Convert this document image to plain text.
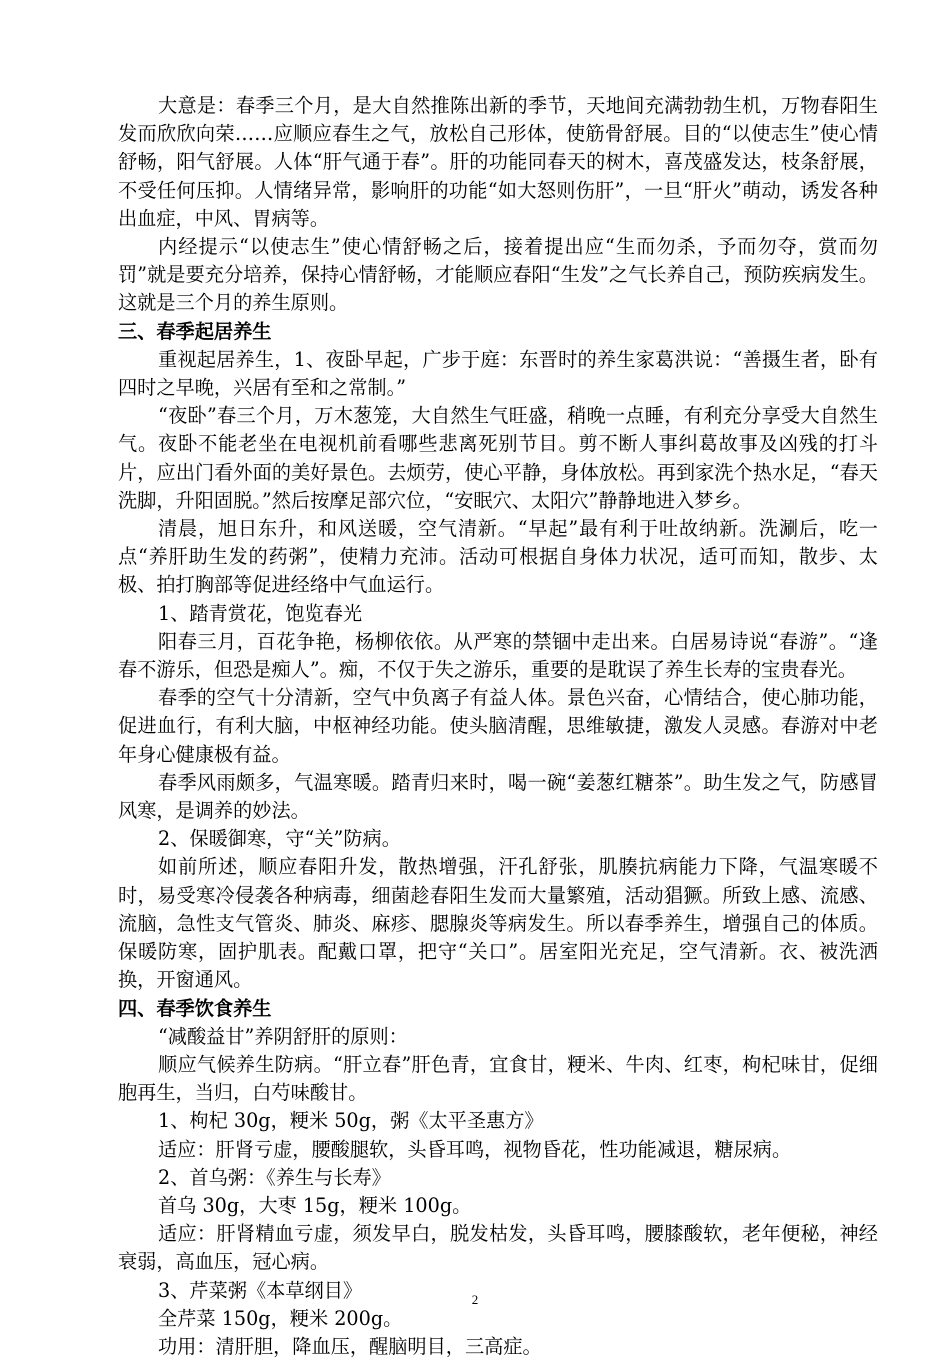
大意是：春季三个月，是大自然推陈出新的季节，天地间充满勃勃生机，万物春阳生发而欣欣向荣……应顺应春生之气，放松自己形体，使筋骨舒展。目的“以使志生”使心情舒畅，阳气舒展。人体“肝气通于春”。肝的功能同春天的树木，喜茂盛发达，枝条舒展，不受任何压抑。人情绪异常，影响肝的功能“如大怒则伤肝”，一旦“肝火”萌动，诱发各种出血症，中风、胃病等。

内经提示“以使志生”使心情舒畅之后，接着提出应“生而勿杀，予而勿夺，赏而勿罚”就是要充分培养，保持心情舒畅，才能顺应春阳“生发”之气长养自己，预防疾病发生。这就是三个月的养生原则。

三、春季起居养生

重视起居养生，1、夜卧早起，广步于庭：东晋时的养生家葛洪说：“善摄生者，卧有四时之早晚，兴居有至和之常制。”

“夜卧”春三个月，万木葱笼，大自然生气旺盛，稍晚一点睡，有利充分享受大自然生气。夜卧不能老坐在电视机前看哪些悲离死别节目。剪不断人事纠葛故事及凶残的打斗片，应出门看外面的美好景色。去烦劳，使心平静，身体放松。再到家洗个热水足，“春天洗脚，升阳固脱。”然后按摩足部穴位，“安眠穴、太阳穴”静静地进入梦乡。

清晨，旭日东升，和风送暖，空气清新。“早起”最有利于吐故纳新。洗涮后，吃一点“养肝助生发的药粥”，使精力充沛。活动可根据自身体力状况，适可而知，散步、太极、拍打胸部等促进经络中气血运行。

1、踏青赏花，饱览春光

阳春三月，百花争艳，杨柳依依。从严寒的禁锢中走出来。白居易诗说“春游”。“逢春不游乐，但恐是痴人”。痴，不仅于失之游乐，重要的是耽误了养生长寿的宝贵春光。

春季的空气十分清新，空气中负离子有益人体。景色兴奋，心情结合，使心肺功能，促进血行，有利大脑，中枢神经功能。使头脑清醒，思维敏捷，激发人灵感。春游对中老年身心健康极有益。

春季风雨颇多，气温寒暖。踏青归来时，喝一碗“姜葱红糖茶”。助生发之气，防感冒风寒，是调养的妙法。

2、保暖御寒，守“关”防病。

如前所述，顺应春阳升发，散热增强，汗孔舒张，肌腠抗病能力下降，气温寒暖不时，易受寒冷侵袭各种病毒，细菌趁春阳生发而大量繁殖，活动猖獗。所致上感、流感、流脑，急性支气管炎、肺炎、麻疹、腮腺炎等病发生。所以春季养生，增强自己的体质。保暖防寒，固护肌表。配戴口罩，把守“关口”。居室阳光充足，空气清新。衣、被洗洒换，开窗通风。

四、春季饮食养生

“减酸益甘”养阴舒肝的原则：

顺应气候养生防病。“肝立春”肝色青，宜食甘，粳米、牛肉、红枣，枸杞味甘，促细胞再生，当归，白芍味酸甘。

1、枸杞 30g，粳米 50g，粥《太平圣惠方》

适应：肝肾亏虚，腰酸腿软，头昏耳鸣，视物昏花，性功能减退，糖尿病。

2、首乌粥：《养生与长寿》

首乌 30g，大枣 15g，粳米 100g。

适应：肝肾精血亏虚，须发早白，脱发枯发，头昏耳鸣，腰膝酸软，老年便秘，神经衰弱，高血压，冠心病。

3、芹菜粥《本草纲目》

全芹菜 150g，粳米 200g。

功用：清肝胆，降血压，醒脑明目，三高症。

2
